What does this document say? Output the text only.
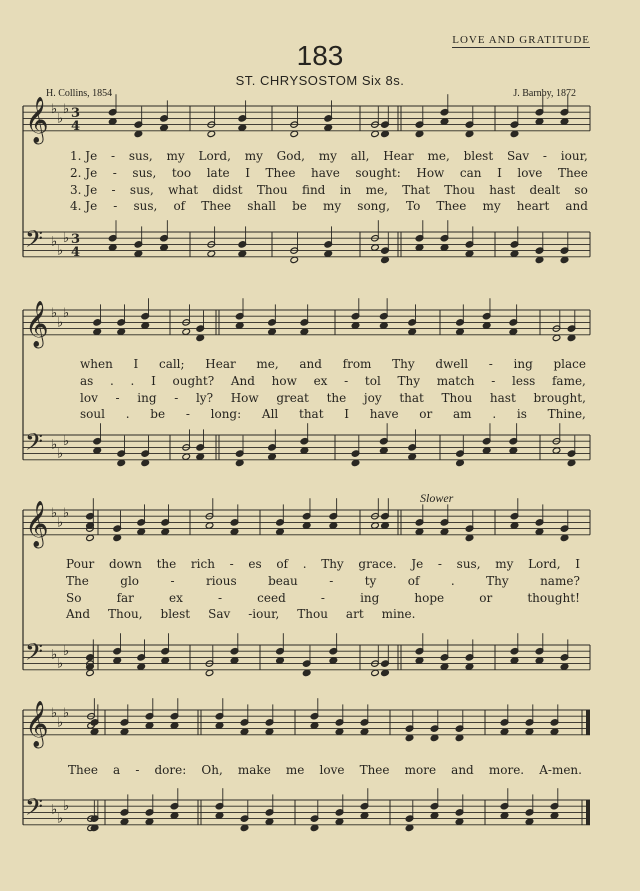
LOVE AND GRATITUDE
183
ST. CHRYSOSTOM Six 8s.
H. Collins, 1854	J. Barnby, 1872
Slower
𝄞 ♭
♭
♭ 3
4
𝄢 ♭
♭
♭ 3
4
𝄞 ♭
♭
♭
𝄢 ♭
♭
♭
𝄞 ♭
♭
♭
𝄢 ♭
♭
♭
𝄞 ♭
♭
♭
𝄢 ♭
♭
♭
1. Je - sus, my Lord, my God, my all, Hear me, blest Sav - iour,
2. Je - sus, too late I Thee have sought: How can I love Thee
3. Je - sus, what didst Thou find in me, That Thou hast dealt so
4. Je - sus, of Thee shall be my song, To Thee my heart and
when I call; Hear me, and from Thy dwell - ing place
as . . I ought? And how ex - tol Thy match - less fame,
lov - ing - ly? How great the joy that Thou hast brought,
soul . be - long: All that I have or am . is Thine,
Pour down the rich - es of . Thy grace. Je - sus, my Lord, I
The	glo	-	rious	beau	-	ty	of	.	Thy	name?
So	far	ex	-	ceed	-	ing	hope	or	thought!
And Thou, blest Sav -iour, Thou art mine.
Thee a - dore: Oh, make me love Thee more and more. A-men.
